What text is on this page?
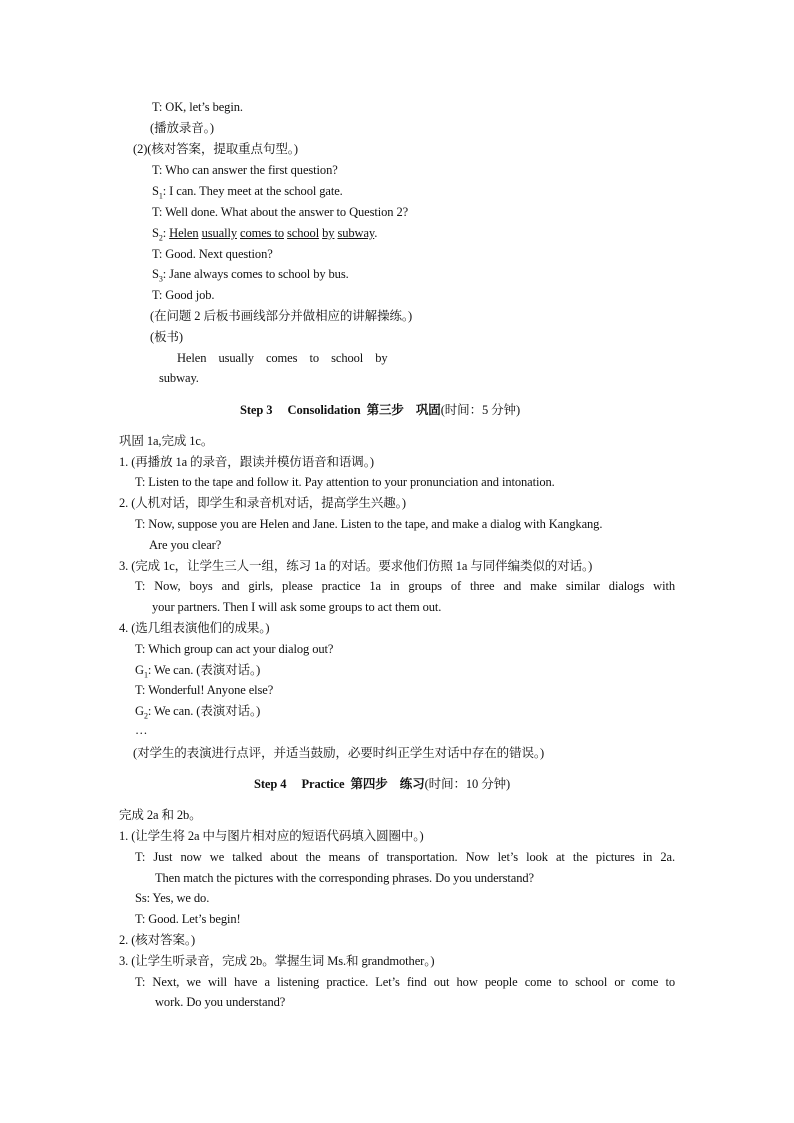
T: OK, let’s begin.
(播放录音。)
(2)(核对答案，提取重点句型。)
T: Who can answer the first question?
$S_1$: I can. They meet at the school gate.
T: Well done. What about the answer to Question 2?
$S_2$: Helen usually comes to school by subway.
T: Good. Next question?
$S_3$: Jane always comes to school by bus.
T: Good job.
(在问题 2 后板书画线部分并做相应的讲解操练。)
(板书)
Helen    usually    comes    to    school    by
subway.
Step 3     Consolidation 第三步    巩固(时间：5 分钟)
巩固 1a,完成 1c。
1. (再播放 1a 的录音，跟读并模仿语音和语调。)
T: Listen to the tape and follow it. Pay attention to your pronunciation and intonation.
2. (人机对话，即学生和录音机对话，提高学生兴趣。)
T: Now, suppose you are Helen and Jane. Listen to the tape, and make a dialog with Kangkang.
Are you clear?
3. (完成 1c，让学生三人一组，练习 1a 的对话。要求他们仿照 1a 与同伴编类似的对话。)
T: Now, boys and girls, please practice 1a in groups of three and make similar dialogs with
your partners. Then I will ask some groups to act them out.
4. (选几组表演他们的成果。)
T: Which group can act your dialog out?
$G_1$: We can. (表演对话。)
T: Wonderful! Anyone else?
$G_2$: We can. (表演对话。)
…
(对学生的表演进行点评，并适当鼓励，必要时纠正学生对话中存在的错误。)
Step 4     Practice 第四步    练习(时间：10 分钟)
完成 2a 和 2b。
1. (让学生将 2a 中与图片相对应的短语代码填入圆圈中。)
T: Just now we talked about the means of transportation. Now let’s look at the pictures in 2a.
Then match the pictures with the corresponding phrases. Do you understand?
Ss: Yes, we do.
T: Good. Let’s begin!
2. (核对答案。)
3. (让学生听录音，完成 2b。掌握生词 Ms.和 grandmother。)
T: Next, we will have a listening practice. Let’s find out how people come to school or come to
work. Do you understand?
